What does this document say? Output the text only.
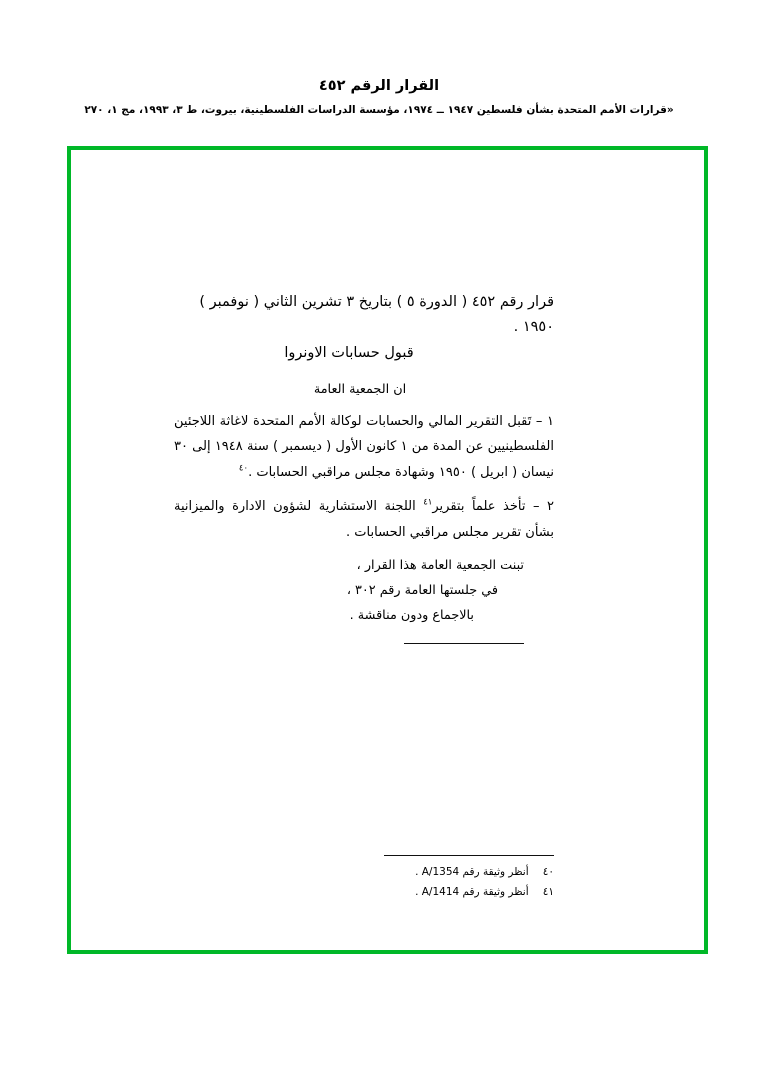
القرار الرقم ٤٥٢
«قرارات الأمم المتحدة بشأن فلسطين ١٩٤٧ ــ ١٩٧٤، مؤسسة الدراسات الفلسطينية، بيروت، ط ٣، ١٩٩٣، مج ١، ٢٧٠
قرار رقم ٤٥٢ ( الدورة ٥ ) بتاريخ ٣ تشرين الثاني ( نوفمبر ) ١٩٥٠ .
قبول حسابات الاونروا
ان الجمعية العامة
١ – تَقبل التقرير المالي والحسابات لوكالة الأمم المتحدة لاغاثة اللاجئين الفلسطينيين عن المدة من ١ كانون الأول ( ديسمبر ) سنة ١٩٤٨ إلى ٣٠ نيسان ( ابريل ) ١٩٥٠ وشهادة مجلس مراقبي الحسابات .$^{٤٠}$
٢ – تأخذ علماً بتقرير$^{٤١}$ اللجنة الاستشارية لشؤون الادارة والميزانية بشأن تقرير مجلس مراقبي الحسابات .
تبنت الجمعية العامة هذا القرار ،
في جلستها العامة رقم ٣٠٢ ،
بالاجماع ودون مناقشة .
٤٠ أنظر وثيقة رقم A/1354 .
٤١ أنظر وثيقة رقم A/1414 .
